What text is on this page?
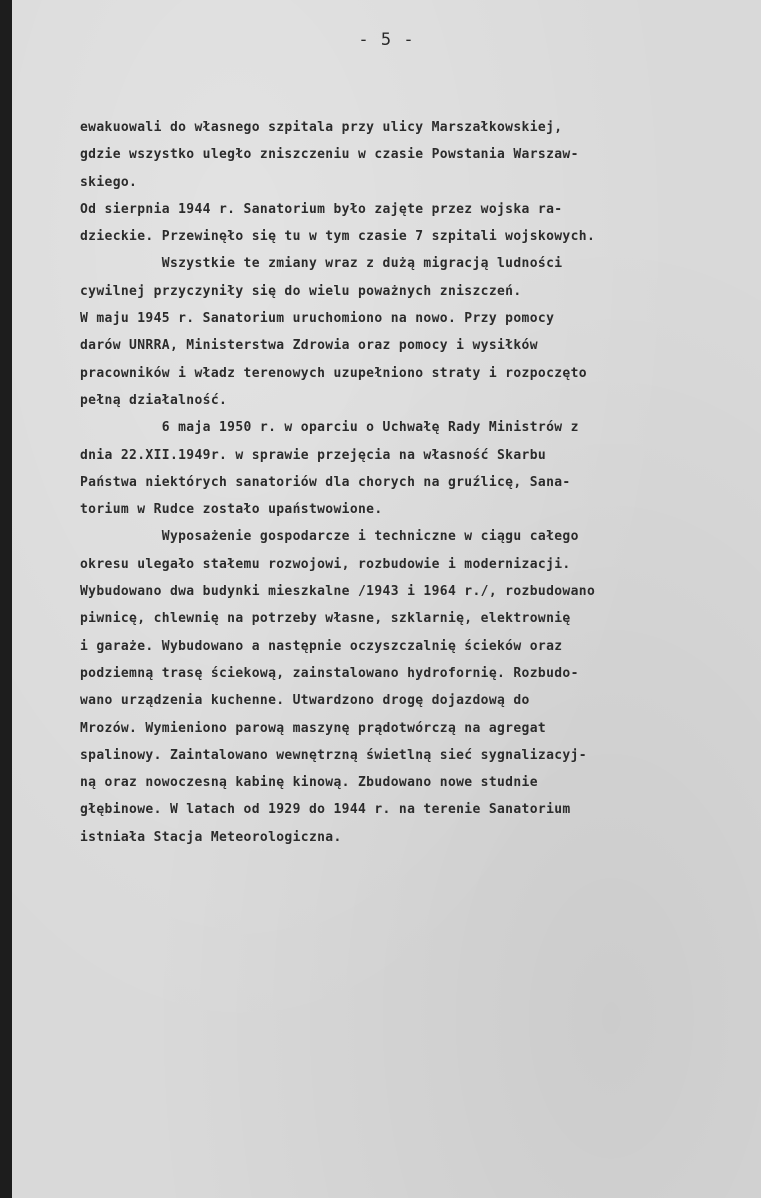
- 5 -
ewakuowali do własnego szpitala przy ulicy Marszałkowskiej,
gdzie wszystko uległo zniszczeniu w czasie Powstania Warszaw-
skiego.
Od sierpnia 1944 r. Sanatorium było zajęte przez wojska ra-
dzieckie. Przewinęło się tu w tym czasie 7 szpitali wojskowych.
Wszystkie te zmiany wraz z dużą migracją ludności
cywilnej przyczyniły się do wielu poważnych zniszczeń.
W maju 1945 r. Sanatorium uruchomiono na nowo. Przy pomocy
darów UNRRA, Ministerstwa Zdrowia oraz pomocy i wysiłków
pracowników i władz terenowych uzupełniono straty i rozpoczęto
pełną działalność.
6 maja 1950 r. w oparciu o Uchwałę Rady Ministrów z
dnia 22.XII.1949r. w sprawie przejęcia na własność Skarbu
Państwa niektórych sanatoriów dla chorych na gruźlicę, Sana-
torium w Rudce zostało upaństwowione.
Wyposażenie gospodarcze i techniczne w ciągu całego
okresu ulegało stałemu rozwojowi, rozbudowie i modernizacji.
Wybudowano dwa budynki mieszkalne /1943 i 1964 r./, rozbudowano
piwnicę, chlewnię na potrzeby własne, szklarnię, elektrownię
i garaże. Wybudowano a następnie oczyszczalnię ścieków oraz
podziemną trasę ściekową, zainstalowano hydrofornię. Rozbudo-
wano urządzenia kuchenne. Utwardzono drogę dojazdową do
Mrozów. Wymieniono parową maszynę prądotwórczą na agregat
spalinowy. Zaintalowano wewnętrzną świetlną sieć sygnalizacyj-
ną oraz nowoczesną kabinę kinową. Zbudowano nowe studnie
głębinowe. W latach od 1929 do 1944 r. na terenie Sanatorium
istniała Stacja Meteorologiczna.
